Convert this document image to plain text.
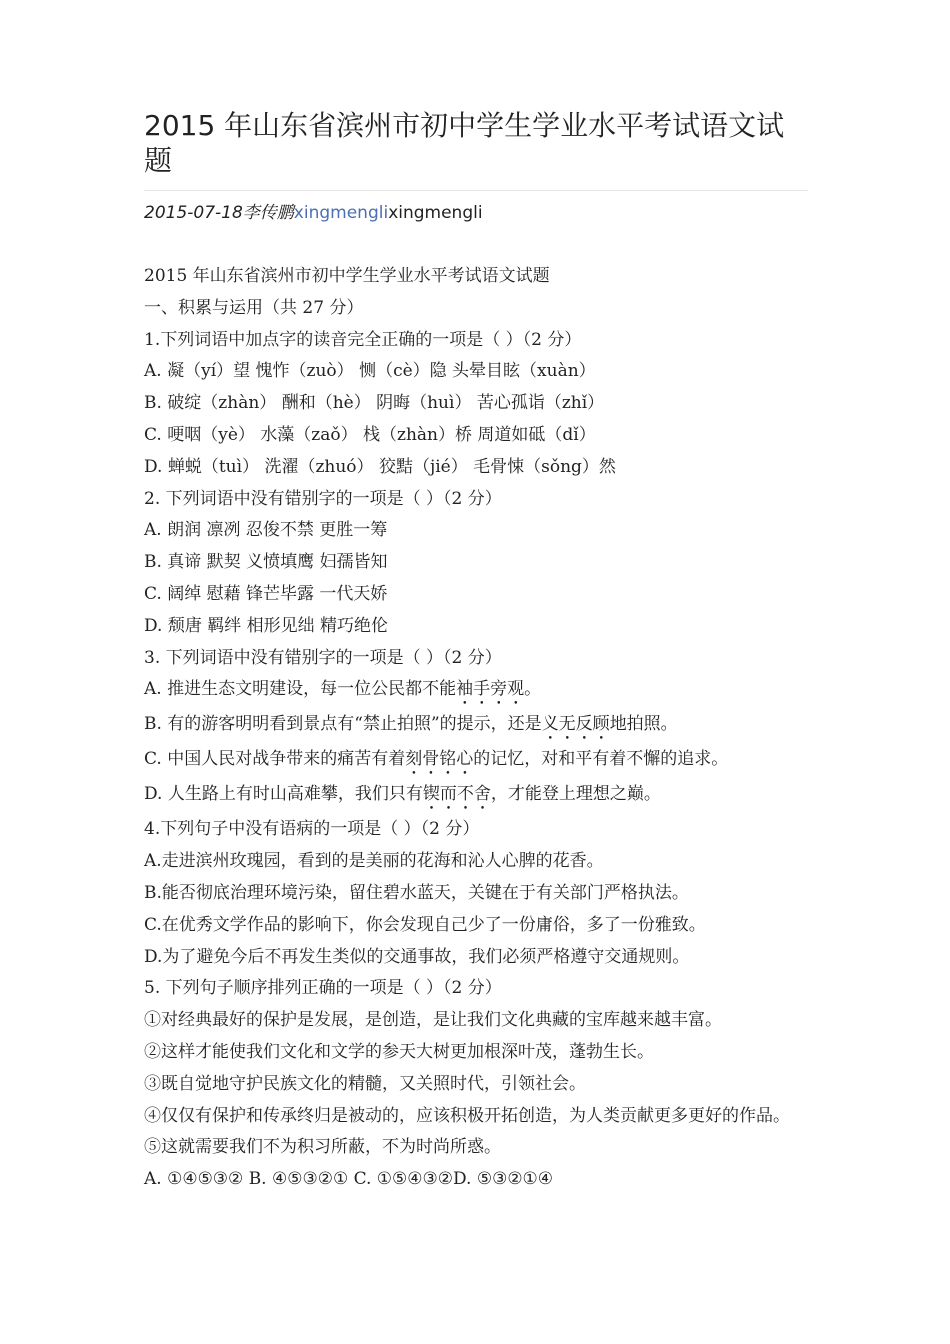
2015 年山东省滨州市初中学生学业水平考试语文试题
2015-07-18李传鹏xingmenglixingmengli
2015 年山东省滨州市初中学生学业水平考试语文试题
一、积累与运用（共 27 分）
1.下列词语中加点字的读音完全正确的一项是（ ）（2 分）
A. 凝（yí）望 愧怍（zuò） 恻（cè）隐 头晕目眩（xuàn）
B. 破绽（zhàn） 酬和（hè） 阴晦（huì） 苦心孤诣（zhǐ）
C. 哽咽（yè） 水藻（zaǒ） 栈（zhàn）桥 周道如砥（dǐ）
D. 蝉蜕（tuì） 洗濯（zhuó） 狡黠（jié） 毛骨悚（sǒng）然
2. 下列词语中没有错别字的一项是（ ）（2 分）
A. 朗润 凛冽 忍俊不禁 更胜一筹
B. 真谛 默契 义愤填鹰 妇孺皆知
C. 阔绰 慰藉 锋芒毕露 一代天娇
D. 颓唐 羁绊 相形见绌 精巧绝伦
3. 下列词语中没有错别字的一项是（ ）（2 分）
A. 推进生态文明建设，每一位公民都不能袖手旁观。
B. 有的游客明明看到景点有“禁止拍照”的提示，还是义无反顾地拍照。
C. 中国人民对战争带来的痛苦有着刻骨铭心的记忆，对和平有着不懈的追求。
D. 人生路上有时山高难攀，我们只有锲而不舍，才能登上理想之巅。
4.下列句子中没有语病的一项是（ ）（2 分）
A.走进滨州玫瑰园，看到的是美丽的花海和沁人心脾的花香。
B.能否彻底治理环境污染，留住碧水蓝天，关键在于有关部门严格执法。
C.在优秀文学作品的影响下，你会发现自己少了一份庸俗，多了一份雅致。
D.为了避免今后不再发生类似的交通事故，我们必须严格遵守交通规则。
5. 下列句子顺序排列正确的一项是（ ）（2 分）
①对经典最好的保护是发展，是创造，是让我们文化典藏的宝库越来越丰富。
②这样才能使我们文化和文学的参天大树更加根深叶茂，蓬勃生长。
③既自觉地守护民族文化的精髓，又关照时代，引领社会。
④仅仅有保护和传承终归是被动的，应该积极开拓创造，为人类贡献更多更好的作品。
⑤这就需要我们不为积习所蔽，不为时尚所惑。
A. ①④⑤③② B. ④⑤③②① C. ①⑤④③②D. ⑤③②①④
